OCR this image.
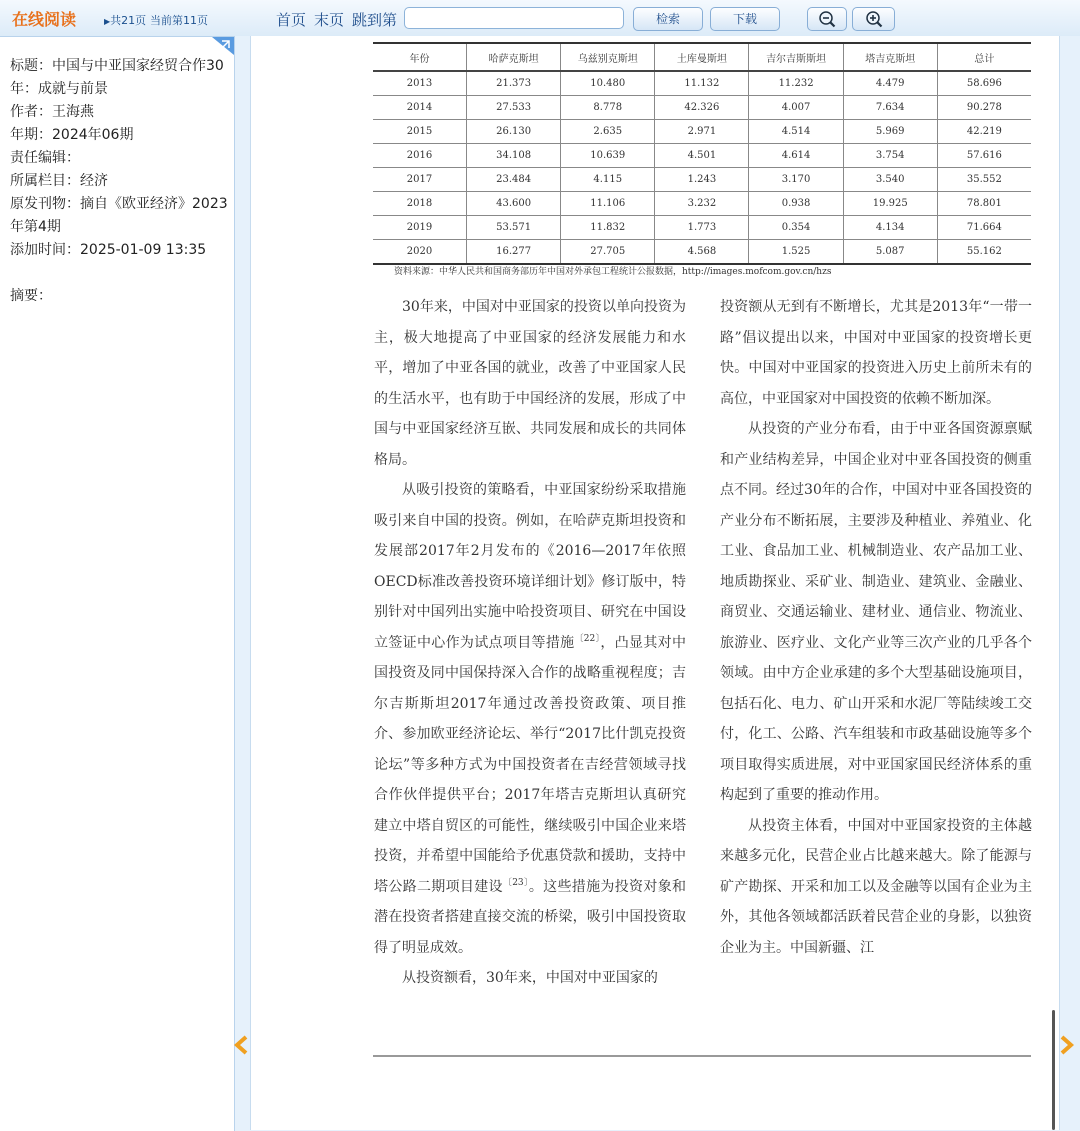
在线阅读	▶共21页 当前第11页	首页 末页 跳到第	检索	下载
标题：中国与中亚国家经贸合作30年：成就与前景
作者：王海燕
年期：2024年06期
责任编辑：
所属栏目：经济
原发刊物：摘自《欧亚经济》2023年第4期
添加时间：2025-01-09 13:35
摘要：
年份	哈萨克斯坦	乌兹别克斯坦	土库曼斯坦	吉尔吉斯斯坦	塔吉克斯坦	总计
2013	21.373	10.480	11.132	11.232	4.479	58.696
2014	27.533	8.778	42.326	4.007	7.634	90.278
2015	26.130	2.635	2.971	4.514	5.969	42.219
2016	34.108	10.639	4.501	4.614	3.754	57.616
2017	23.484	4.115	1.243	3.170	3.540	35.552
2018	43.600	11.106	3.232	0.938	19.925	78.801
2019	53.571	11.832	1.773	0.354	4.134	71.664
2020	16.277	27.705	4.568	1.525	5.087	55.162
资料来源：中华人民共和国商务部历年中国对外承包工程统计公报数据，http://images.mofcom.gov.cn/hzs

30年来，中国对中亚国家的投资以单向投资为主，极大地提高了中亚国家的经济发展能力和水平，增加了中亚各国的就业，改善了中亚国家人民的生活水平，也有助于中国经济的发展，形成了中国与中亚国家经济互嵌、共同发展和成长的共同体格局。

从吸引投资的策略看，中亚国家纷纷采取措施吸引来自中国的投资。例如，在哈萨克斯坦投资和发展部2017年2月发布的《2016—2017年依照OECD标准改善投资环境详细计划》修订版中，特别针对中国列出实施中哈投资项目、研究在中国设立签证中心作为试点项目等措施$^{〔22〕}$，凸显其对中国投资及同中国保持深入合作的战略重视程度；吉尔吉斯斯坦2017年通过改善投资政策、项目推介、参加欧亚经济论坛、举行“2017比什凯克投资论坛”等多种方式为中国投资者在吉经营领域寻找合作伙伴提供平台；2017年塔吉克斯坦认真研究建立中塔自贸区的可能性，继续吸引中国企业来塔投资，并希望中国能给予优惠贷款和援助，支持中塔公路二期项目建设$^{〔23〕}$。这些措施为投资对象和潜在投资者搭建直接交流的桥梁，吸引中国投资取得了明显成效。

从投资额看，30年来，中国对中亚国家的

投资额从无到有不断增长，尤其是2013年“一带一路”倡议提出以来，中国对中亚国家的投资增长更快。中国对中亚国家的投资进入历史上前所未有的高位，中亚国家对中国投资的依赖不断加深。

从投资的产业分布看，由于中亚各国资源禀赋和产业结构差异，中国企业对中亚各国投资的侧重点不同。经过30年的合作，中国对中亚各国投资的产业分布不断拓展，主要涉及种植业、养殖业、化工业、食品加工业、机械制造业、农产品加工业、地质勘探业、采矿业、制造业、建筑业、金融业、商贸业、交通运输业、建材业、通信业、物流业、旅游业、医疗业、文化产业等三次产业的几乎各个领域。由中方企业承建的多个大型基础设施项目，包括石化、电力、矿山开采和水泥厂等陆续竣工交付，化工、公路、汽车组装和市政基础设施等多个项目取得实质进展，对中亚国家国民经济体系的重构起到了重要的推动作用。

从投资主体看，中国对中亚国家投资的主体越来越多元化，民营企业占比越来越大。除了能源与矿产勘探、开采和加工以及金融等以国有企业为主外，其他各领域都活跃着民营企业的身影，以独资企业为主。中国新疆、江
